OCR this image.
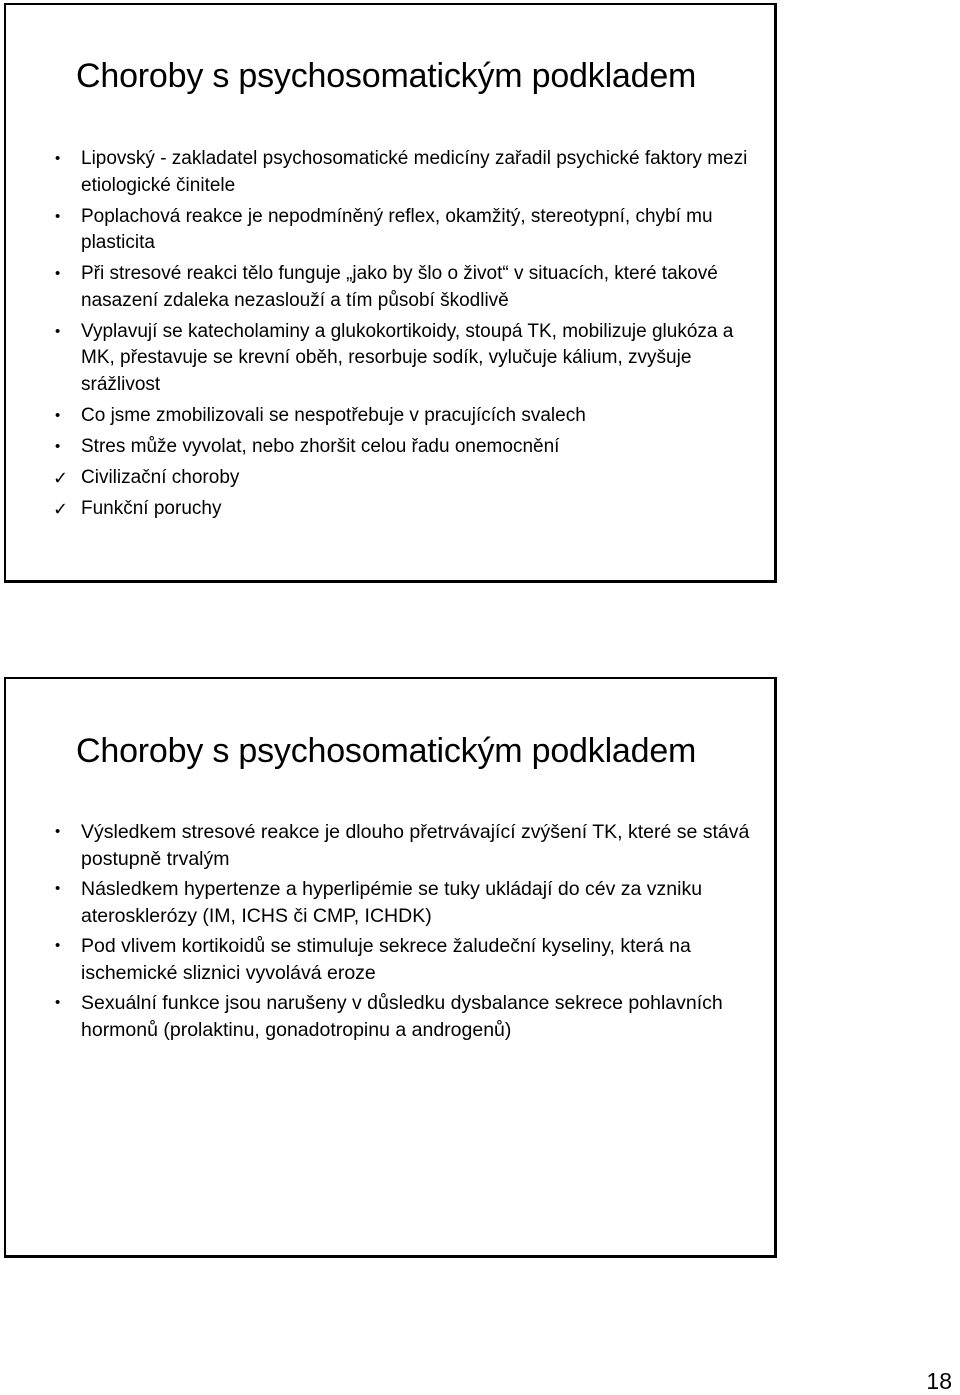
Choroby s psychosomatickým podkladem
•	Lipovský - zakladatel psychosomatické medicíny zařadil psychické faktory mezi etiologické činitele
•	Poplachová reakce je nepodmíněný reflex, okamžitý, stereotypní, chybí mu plasticita
•	Při stresové reakci tělo funguje „jako by šlo o život“ v situacích, které takové nasazení zdaleka nezaslouží a tím působí škodlivě
•	Vyplavují se katecholaminy a glukokortikoidy, stoupá TK, mobilizuje glukóza a MK, přestavuje se krevní oběh, resorbuje sodík, vylučuje kálium, zvyšuje srážlivost
•	Co jsme zmobilizovali se nespotřebuje v pracujících svalech
•	Stres může vyvolat, nebo zhoršit celou řadu onemocnění
✓ Civilizační choroby
✓ Funkční poruchy
Choroby s psychosomatickým podkladem
•	Výsledkem stresové reakce je dlouho přetrvávající zvýšení TK, které se stává postupně trvalým
•	Následkem hypertenze a hyperlipémie se tuky ukládají do cév za vzniku aterosklerózy (IM, ICHS či CMP, ICHDK)
•	Pod vlivem kortikoidů se stimuluje sekrece žaludeční kyseliny, která na ischemické sliznici vyvolává eroze
•	Sexuální funkce jsou narušeny v důsledku dysbalance sekrece pohlavních hormonů (prolaktinu, gonadotropinu a androgenů)
18
